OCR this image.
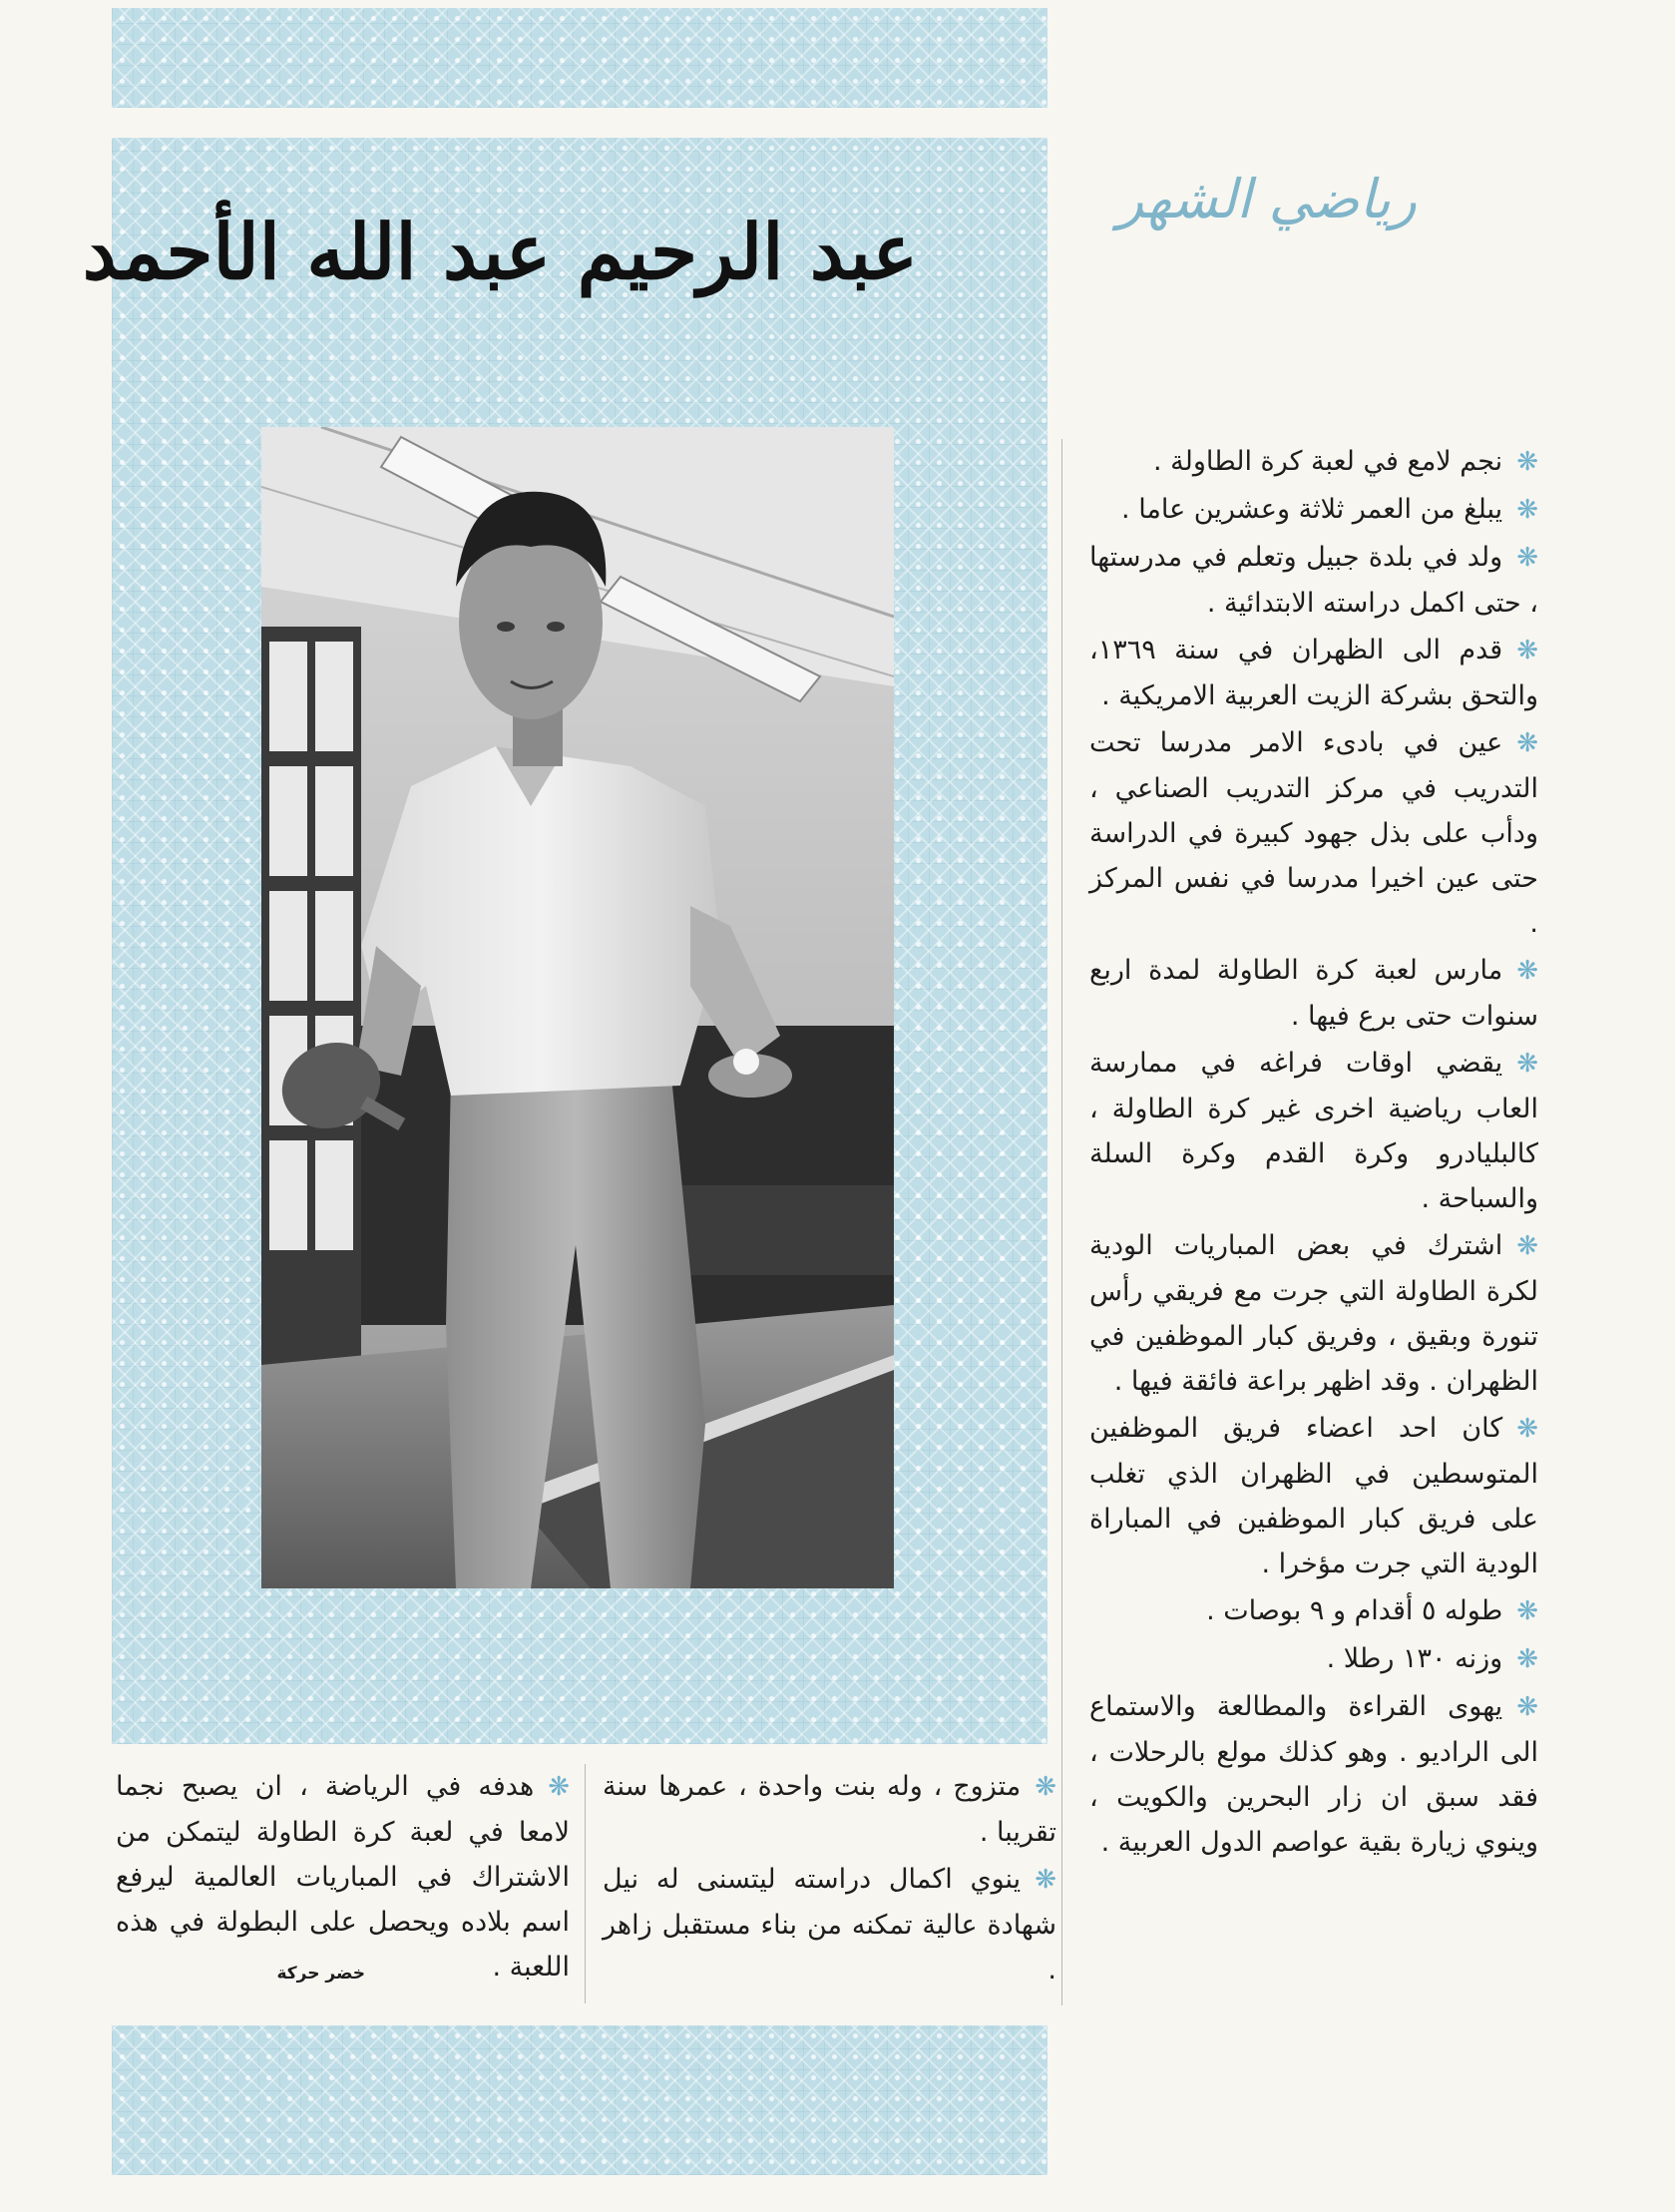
رياضي الشهر
عبد الرحيم عبد الله الأحمد

❋نجم لامع في لعبة كرة الطاولة .

❋يبلغ من العمر ثلاثة وعشرين عاما .

❋ولد في بلدة جبيل وتعلم في مدرستها ، حتى اكمل دراسته الابتدائية .

❋قدم الى الظهران في سنة ١٣٦٩، والتحق بشركة الزيت العربية الامريكية .

❋عين في بادىء الامر مدرسا تحت التدريب في مركز التدريب الصناعي ، ودأب على بذل جهود كبيرة في الدراسة حتى عين اخيرا مدرسا في نفس المركز .

❋مارس لعبة كرة الطاولة لمدة اربع سنوات حتى برع فيها .

❋يقضي اوقات فراغه في ممارسة العاب رياضية اخرى غير كرة الطاولة ، كالبليادرو وكرة القدم وكرة السلة والسباحة .

❋اشترك في بعض المباريات الودية لكرة الطاولة التي جرت مع فريقي رأس تنورة وبقيق ، وفريق كبار الموظفين في الظهران . وقد اظهر براعة فائقة فيها .

❋كان احد اعضاء فريق الموظفين المتوسطين في الظهران الذي تغلب على فريق كبار الموظفين في المباراة الودية التي جرت مؤخرا .

❋طوله ٥ أقدام و ٩ بوصات .

❋وزنه ١٣٠ رطلا .

❋يهوى القراءة والمطالعة والاستماع الى الراديو . وهو كذلك مولع بالرحلات ، فقد سبق ان زار البحرين والكويت ، وينوي زيارة بقية عواصم الدول العربية .

❋متزوج ، وله بنت واحدة ، عمرها سنة تقريبا .

❋ينوي اكمال دراسته ليتسنى له نيل شهادة عالية تمكنه من بناء مستقبل زاهر .

❋هدفه في الرياضة ، ان يصبح نجما لامعا في لعبة كرة الطاولة ليتمكن من الاشتراك في المباريات العالمية ليرفع اسم بلاده ويحصل على البطولة في هذه اللعبة .

خضر حركة
